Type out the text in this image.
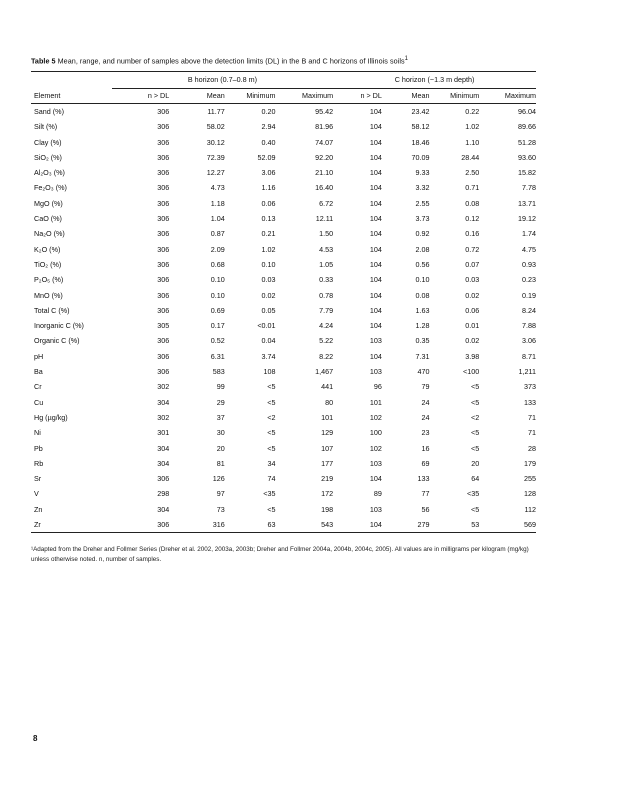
Table 5 Mean, range, and number of samples above the detection limits (DL) in the B and C horizons of Illinois soils$^1$
	B horizon (0.7–0.8 m)				C horizon (~1.3 m depth)			
Element	n > DL	Mean	Minimum	Maximum	n > DL	Mean	Minimum	Maximum
Sand (%)	306	11.77	0.20	95.42	104	23.42	0.22	96.04
Silt (%)	306	58.02	2.94	81.96	104	58.12	1.02	89.66
Clay (%)	306	30.12	0.40	74.07	104	18.46	1.10	51.28
SiO₂ (%)	306	72.39	52.09	92.20	104	70.09	28.44	93.60
Al₂O₃ (%)	306	12.27	3.06	21.10	104	9.33	2.50	15.82
Fe₂O₃ (%)	306	4.73	1.16	16.40	104	3.32	0.71	7.78
MgO (%)	306	1.18	0.06	6.72	104	2.55	0.08	13.71
CaO (%)	306	1.04	0.13	12.11	104	3.73	0.12	19.12
Na₂O (%)	306	0.87	0.21	1.50	104	0.92	0.16	1.74
K₂O (%)	306	2.09	1.02	4.53	104	2.08	0.72	4.75
TiO₂ (%)	306	0.68	0.10	1.05	104	0.56	0.07	0.93
P₂O₅ (%)	306	0.10	0.03	0.33	104	0.10	0.03	0.23
MnO (%)	306	0.10	0.02	0.78	104	0.08	0.02	0.19
Total C (%)	306	0.69	0.05	7.79	104	1.63	0.06	8.24
Inorganic C (%)	305	0.17	<0.01	4.24	104	1.28	0.01	7.88
Organic C (%)	306	0.52	0.04	5.22	103	0.35	0.02	3.06
pH	306	6.31	3.74	8.22	104	7.31	3.98	8.71
Ba	306	583	108	1,467	103	470	<100	1,211
Cr	302	99	<5	441	96	79	<5	373
Cu	304	29	<5	80	101	24	<5	133
Hg (µg/kg)	302	37	<2	101	102	24	<2	71
Ni	301	30	<5	129	100	23	<5	71
Pb	304	20	<5	107	102	16	<5	28
Rb	304	81	34	177	103	69	20	179
Sr	306	126	74	219	104	133	64	255
V	298	97	<35	172	89	77	<35	128
Zn	304	73	<5	198	103	56	<5	112
Zr	306	316	63	543	104	279	53	569
¹Adapted from the Dreher and Follmer Series (Dreher et al. 2002, 2003a, 2003b; Dreher and Follmer 2004a, 2004b, 2004c, 2005). All values are in milligrams per kilogram (mg/kg) unless otherwise noted. n, number of samples.
8
